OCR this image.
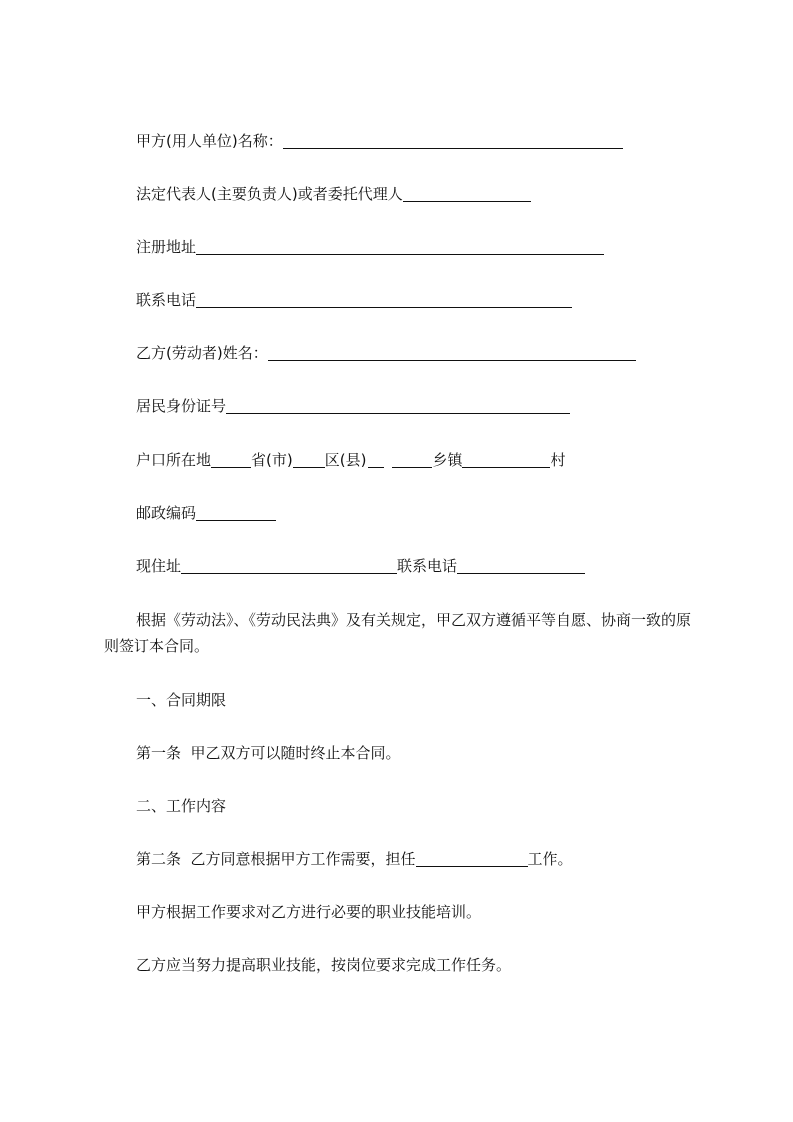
甲方(用人单位)名称：
法定代表人(主要负责人)或者委托代理人
注册地址
联系电话
乙方(劳动者)姓名：
居民身份证号
户口所在地	省(市) 区(县)	乡镇	村
邮政编码
现住址	联系电话
根据《劳动法》、《劳动民法典》及有关规定，甲乙双方遵循平等自愿、协商一致的原则签订本合同。
一、合同期限
第一条  甲乙双方可以随时终止本合同。
二、工作内容
第二条  乙方同意根据甲方工作需要，担任	工作。
甲方根据工作要求对乙方进行必要的职业技能培训。
乙方应当努力提高职业技能，按岗位要求完成工作任务。
